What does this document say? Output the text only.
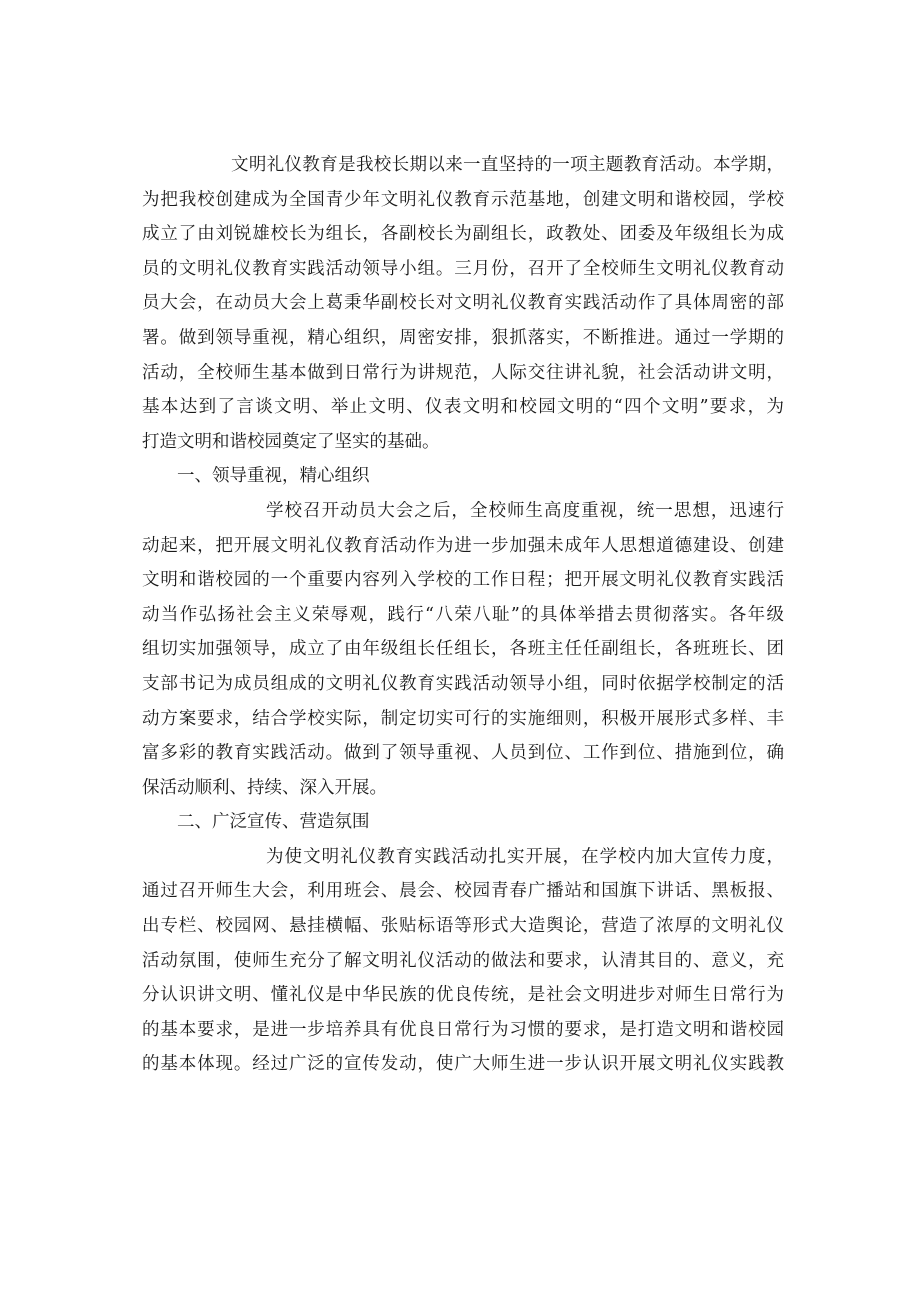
文明礼仪教育是我校长期以来一直坚持的一项主题教育活动。本学期，
为把我校创建成为全国青少年文明礼仪教育示范基地，创建文明和谐校园，学校
成立了由刘锐雄校长为组长，各副校长为副组长，政教处、团委及年级组长为成
员的文明礼仪教育实践活动领导小组。三月份，召开了全校师生文明礼仪教育动
员大会，在动员大会上葛秉华副校长对文明礼仪教育实践活动作了具体周密的部
署。做到领导重视，精心组织，周密安排，狠抓落实，不断推进。通过一学期的
活动，全校师生基本做到日常行为讲规范，人际交往讲礼貌，社会活动讲文明，
基本达到了言谈文明、举止文明、仪表文明和校园文明的“四个文明”要求，为
打造文明和谐校园奠定了坚实的基础。
一、领导重视，精心组织
学校召开动员大会之后，全校师生高度重视，统一思想，迅速行
动起来，把开展文明礼仪教育活动作为进一步加强未成年人思想道德建设、创建
文明和谐校园的一个重要内容列入学校的工作日程；把开展文明礼仪教育实践活
动当作弘扬社会主义荣辱观，践行“八荣八耻”的具体举措去贯彻落实。各年级
组切实加强领导，成立了由年级组长任组长，各班主任任副组长，各班班长、团
支部书记为成员组成的文明礼仪教育实践活动领导小组，同时依据学校制定的活
动方案要求，结合学校实际，制定切实可行的实施细则，积极开展形式多样、丰
富多彩的教育实践活动。做到了领导重视、人员到位、工作到位、措施到位，确
保活动顺利、持续、深入开展。
二、广泛宣传、营造氛围
为使文明礼仪教育实践活动扎实开展，在学校内加大宣传力度，
通过召开师生大会，利用班会、晨会、校园青春广播站和国旗下讲话、黑板报、
出专栏、校园网、悬挂横幅、张贴标语等形式大造舆论，营造了浓厚的文明礼仪
活动氛围，使师生充分了解文明礼仪活动的做法和要求，认清其目的、意义，充
分认识讲文明、懂礼仪是中华民族的优良传统，是社会文明进步对师生日常行为
的基本要求，是进一步培养具有优良日常行为习惯的要求，是打造文明和谐校园
的基本体现。经过广泛的宣传发动，使广大师生进一步认识开展文明礼仪实践教
